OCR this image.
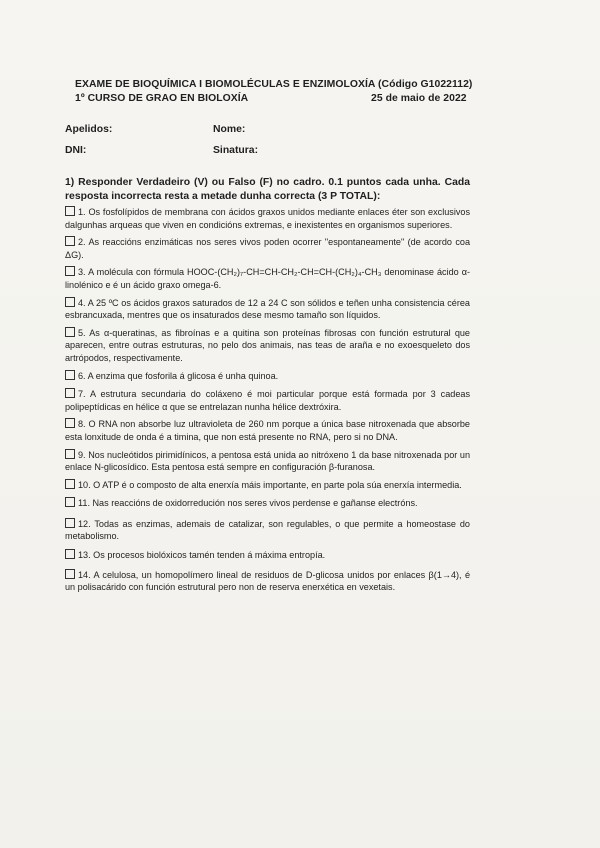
EXAME DE BIOQUÍMICA I BIOMOLÉCULAS E ENZIMOLOXÍA (Código G1022112)
1º CURSO DE GRAO EN BIOLOXÍA	25 de maio de 2022
Apelidos:	Nome:
DNI:	Sinatura:
1) Responder Verdadeiro (V) ou Falso (F) no cadro. 0.1 puntos cada unha. Cada resposta incorrecta resta a metade dunha correcta (3 P TOTAL):

1. Os fosfolípidos de membrana con ácidos graxos unidos mediante enlaces éter son exclusivos dalgunhas arqueas que viven en condicións extremas, e inexistentes en organismos superiores.

2. As reaccións enzimáticas nos seres vivos poden ocorrer "espontaneamente" (de acordo coa ΔG).

3. A molécula con fórmula HOOC-(CH₂)₇-CH=CH-CH₂-CH=CH-(CH₂)₄-CH₃ denominase ácido α-linolénico e é un ácido graxo omega-6.

4. A 25 ºC os ácidos graxos saturados de 12 a 24 C son sólidos e teñen unha consistencia cérea esbrancuxada, mentres que os insaturados dese mesmo tamaño son líquidos.

5. As α-queratinas, as fibroínas e a quitina son proteínas fibrosas con función estrutural que aparecen, entre outras estruturas, no pelo dos animais, nas teas de araña e no exoesqueleto dos artrópodos, respectivamente.

6. A enzima que fosforila á glicosa é unha quinoa.

7. A estrutura secundaria do coláxeno é moi particular porque está formada por 3 cadeas polipeptídicas en hélice α que se entrelazan nunha hélice dextróxira.

8. O RNA non absorbe luz ultravioleta de 260 nm porque a única base nitroxenada que absorbe esta lonxitude de onda é a timina, que non está presente no RNA, pero si no DNA.

9. Nos nucleótidos pirimidínicos, a pentosa está unida ao nitróxeno 1 da base nitroxenada por un enlace N-glicosídico. Esta pentosa está sempre en configuración β-furanosa.

10. O ATP é o composto de alta enerxía máis importante, en parte pola súa enerxía intermedia.

11. Nas reaccións de oxidorredución nos seres vivos perdense e gañanse electróns.

12. Todas as enzimas, ademais de catalizar, son regulables, o que permite a homeostase do metabolismo.

13. Os procesos biolóxicos tamén tenden á máxima entropía.

14. A celulosa, un homopolímero lineal de residuos de D-glicosa unidos por enlaces β(1→4), é un polisacárido con función estrutural pero non de reserva enerxética en vexetais.
